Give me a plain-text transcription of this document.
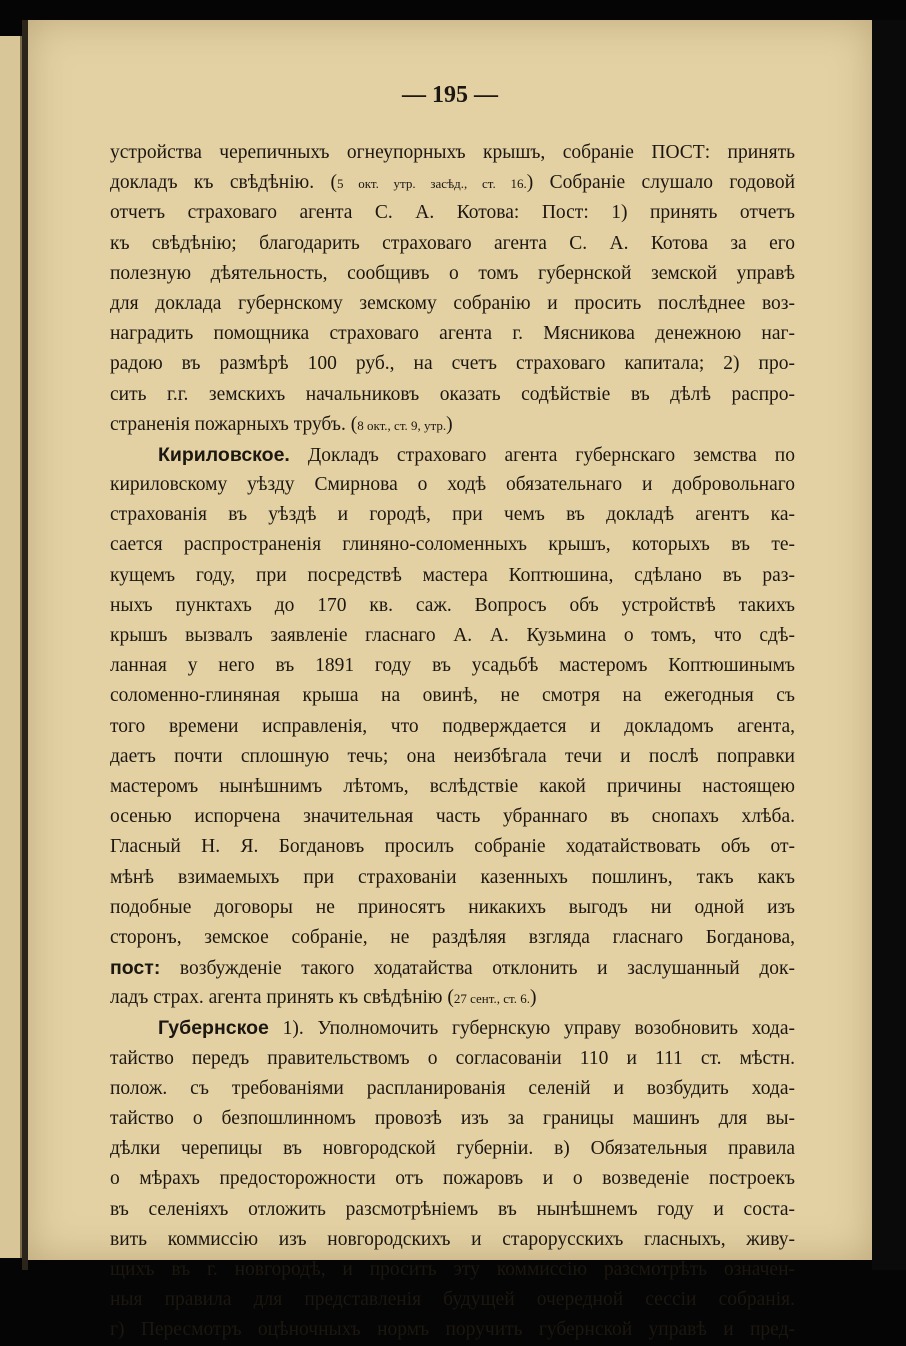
— 195 —
устройства черепичныхъ огнеупорныхъ крышъ, собраніе ПОСТ: принять
докладъ къ свѣдѣнію. (5 окт. утр. засѣд., ст. 16.) Собраніе слушало годовой
отчетъ страховаго агента С. А. Котова: Пост: 1) принять отчетъ
къ свѣдѣнію; благодарить страховаго агента С. А. Котова за его
полезную дѣятельность, сообщивъ о томъ губернской земской управѣ
для доклада губернскому земскому собранію и просить послѣднее воз-
наградить помощника страховаго агента г. Мясникова денежною наг-
радою въ размѣрѣ 100 руб., на счетъ страховаго капитала; 2) про-
сить г.г. земскихъ начальниковъ оказать содѣйствіе въ дѣлѣ распро-
страненія пожарныхъ трубъ. (8 окт., ст. 9, утр.)
Кириловское. Докладъ страховаго агента губернскаго земства по
кириловскому уѣзду Смирнова о ходѣ обязательнаго и добровольнаго
страхованія въ уѣздѣ и городѣ, при чемъ въ докладѣ агентъ ка-
сается распространенія глиняно-соломенныхъ крышъ, которыхъ въ те-
кущемъ году, при посредствѣ мастера Коптюшина, сдѣлано въ раз-
ныхъ пунктахъ до 170 кв. саж. Вопросъ объ устройствѣ такихъ
крышъ вызвалъ заявленіе гласнаго А. А. Кузьмина о томъ, что сдѣ-
ланная у него въ 1891 году въ усадьбѣ мастеромъ Коптюшинымъ
соломенно-глиняная крыша на овинѣ, не смотря на ежегодныя съ
того времени исправленія, что подверждается и докладомъ агента,
даетъ почти сплошную течь; она неизбѣгала течи и послѣ поправки
мастеромъ нынѣшнимъ лѣтомъ, вслѣдствіе какой причины настоящею
осенью испорчена значительная часть убраннаго въ снопахъ хлѣба.
Гласный Н. Я. Богдановъ просилъ собраніе ходатайствовать объ от-
мѣнѣ взимаемыхъ при страхованіи казенныхъ пошлинъ, такъ какъ
подобные договоры не приносятъ никакихъ выгодъ ни одной изъ
сторонъ, земское собраніе, не раздѣляя взгляда гласнаго Богданова,
пост: возбужденіе такого ходатайства отклонить и заслушанный док-
ладъ страх. агента принять къ свѣдѣнію (27 сент., ст. 6.)
Губернское 1). Уполномочить губернскую управу возобновить хода-
тайство передъ правительствомъ о согласованіи 110 и 111 ст. мѣстн.
полож. съ требованіями распланированія селеній и возбудить хода-
тайство о безпошлинномъ провозѣ изъ за границы машинъ для вы-
дѣлки черепицы въ новгородской губерніи. в) Обязательныя правила
о мѣрахъ предосторожности отъ пожаровъ и о возведеніе построекъ
въ селеніяхъ отложить разсмотрѣніемъ въ нынѣшнемъ году и соста-
вить коммиссію изъ новгородскихъ и старорусскихъ гласныхъ, живу-
щихъ въ г. новгородѣ, и просить эту коммиссію разсмотрѣть означен-
ныя правила для представленія будущей очередной сессіи собранія.
г) Пересмотръ оцѣночныхъ нормъ поручить губернской управѣ и пред-
